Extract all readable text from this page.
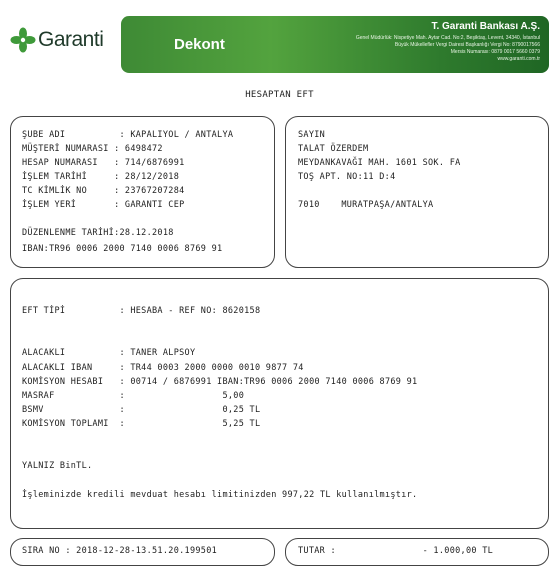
Garanti	Dekont
T. Garanti Bankası A.Ş.
Genel Müdürlük: Nispetiye Mah. Aytar Cad. No:2, Beşiktaş, Levent, 34340, İstanbul
Büyük Mükellefler Vergi Dairesi Başkanlığı Vergi No: 8790017566
Mersis Numarası: 0879 0017 5660 0379
www.garanti.com.tr
HESAPTAN EFT
ŞUBE ADI          : KAPALIYOL / ANTALYA
MÜŞTERİ NUMARASI : 6498472
HESAP NUMARASI   : 714/6876991
İŞLEM TARİHİ     : 28/12/2018
TC KİMLİK NO     : 23767207284
İŞLEM YERİ       : GARANTI CEP
DÜZENLENME TARİHİ:28.12.2018
IBAN:TR96 0006 2000 7140 0006 8769 91
SAYIN
TALAT ÖZERDEM
MEYDANKAVAĞI MAH. 1601 SOK. FA
TOŞ APT. NO:11 D:4
7010    MURATPAŞA/ANTALYA
EFT TİPİ          : HESABA - REF NO: 8620158
ALACAKLI          : TANER ALPSOY
ALACAKLI IBAN     : TR44 0003 2000 0000 0010 9877 74
KOMİSYON HESABI   : 00714 / 6876991 IBAN:TR96 0006 2000 7140 0006 8769 91
MASRAF            :                  5,00
BSMV              :                  0,25 TL
KOMİSYON TOPLAMI  :                  5,25 TL
YALNIZ BinTL.
İşleminizde kredili mevduat hesabı limitinizden 997,22 TL kullanılmıştır.
SIRA NO : 2018-12-28-13.51.20.199501	TUTAR :                - 1.000,00 TL
